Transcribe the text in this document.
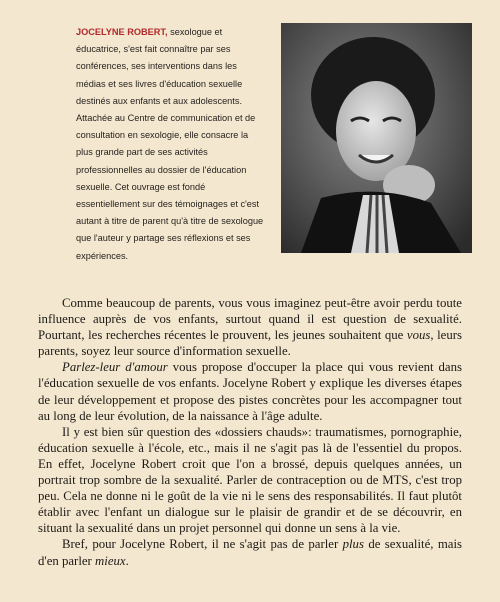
JOCELYNE ROBERT, sexologue et éducatrice, s'est fait connaître par ses conférences, ses interventions dans les médias et ses livres d'éducation sexuelle destinés aux enfants et aux adolescents. Attachée au Centre de communication et de consultation en sexologie, elle consacre la plus grande part de ses activités professionnelles au dossier de l'éducation sexuelle. Cet ouvrage est fondé essentiellement sur des témoignages et c'est autant à titre de parent qu'à titre de sexologue que l'auteur y partage ses réflexions et ses expériences.

Comme beaucoup de parents, vous vous imaginez peut-être avoir perdu toute influence auprès de vos enfants, surtout quand il est question de sexualité. Pourtant, les recherches récentes le prouvent, les jeunes souhaitent que vous, leurs parents, soyez leur source d'information sexuelle.

Parlez-leur d'amour vous propose d'occuper la place qui vous revient dans l'éducation sexuelle de vos enfants. Jocelyne Robert y explique les diverses étapes de leur développement et propose des pistes concrètes pour les accompagner tout au long de leur évolution, de la naissance à l'âge adulte.

Il y est bien sûr question des «dossiers chauds»: traumatismes, pornographie, éducation sexuelle à l'école, etc., mais il ne s'agit pas là de l'essentiel du propos. En effet, Jocelyne Robert croit que l'on a brossé, depuis quelques années, un portrait trop sombre de la sexualité. Parler de contraception ou de MTS, c'est trop peu. Cela ne donne ni le goût de la vie ni le sens des responsabilités. Il faut plutôt établir avec l'enfant un dialogue sur le plaisir de grandir et de se découvrir, en situant la sexualité dans un projet personnel qui donne un sens à la vie.

Bref, pour Jocelyne Robert, il ne s'agit pas de parler plus de sexualité, mais d'en parler mieux.
